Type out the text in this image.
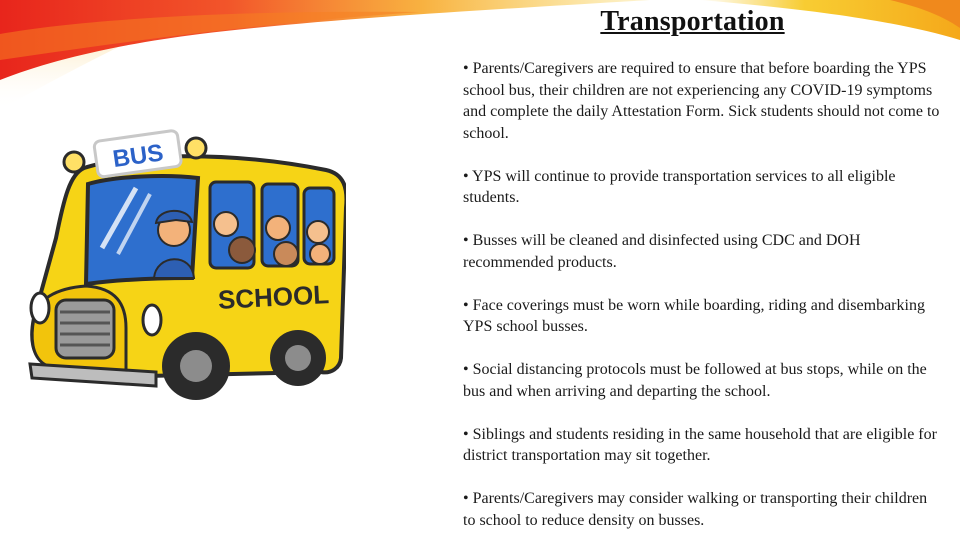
Transportation
• Parents/Caregivers are required to ensure that before boarding the YPS school bus, their children are not experiencing any COVID-19 symptoms and complete the daily Attestation Form. Sick students should not come to school.
• YPS will continue to provide transportation services to all eligible students.
• Busses will be cleaned and disinfected using CDC and DOH recommended products.
• Face coverings must be worn while boarding, riding and disembarking YPS school busses.
• Social distancing protocols must be followed at bus stops, while on the bus and when arriving and departing the school.
• Siblings and students residing in the same household that are eligible for district transportation may sit together.
• Parents/Caregivers may consider walking or transporting their children to school to reduce density on busses.
BUS
SCHOOL
